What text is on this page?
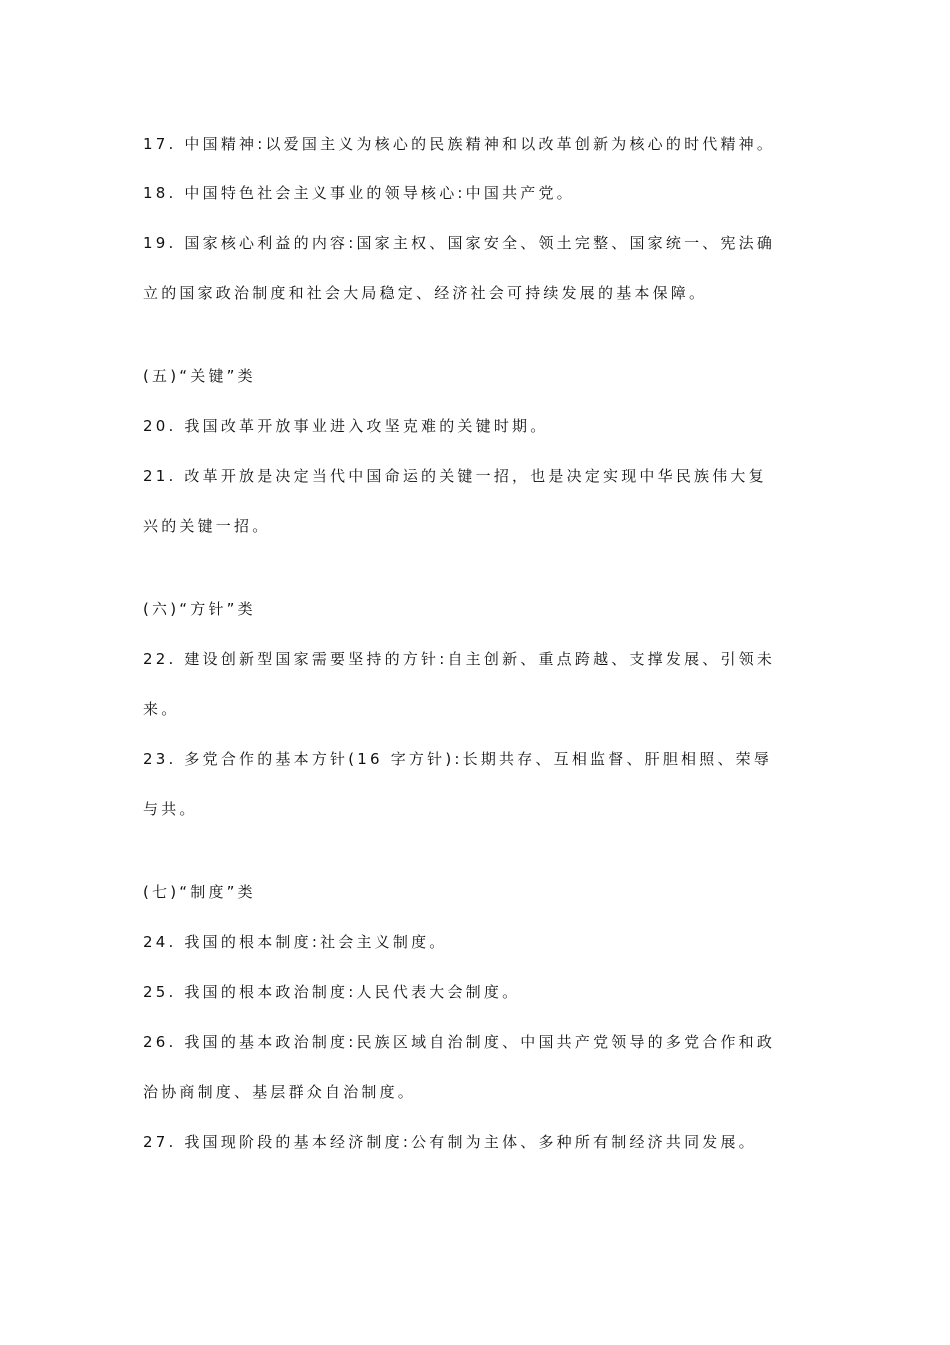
17. 中国精神:以爱国主义为核心的民族精神和以改革创新为核心的时代精神。
18. 中国特色社会主义事业的领导核心:中国共产党。
19. 国家核心利益的内容:国家主权、国家安全、领土完整、国家统一、宪法确
立的国家政治制度和社会大局稳定、经济社会可持续发展的基本保障。
(五)“关键”类
20. 我国改革开放事业进入攻坚克难的关键时期。
21. 改革开放是决定当代中国命运的关键一招，也是决定实现中华民族伟大复
兴的关键一招。
(六)“方针”类
22. 建设创新型国家需要坚持的方针:自主创新、重点跨越、支撑发展、引领未
来。
23. 多党合作的基本方针(16 字方针):长期共存、互相监督、肝胆相照、荣辱
与共。
(七)“制度”类
24. 我国的根本制度:社会主义制度。
25. 我国的根本政治制度:人民代表大会制度。
26. 我国的基本政治制度:民族区域自治制度、中国共产党领导的多党合作和政
治协商制度、基层群众自治制度。
27. 我国现阶段的基本经济制度:公有制为主体、多种所有制经济共同发展。
